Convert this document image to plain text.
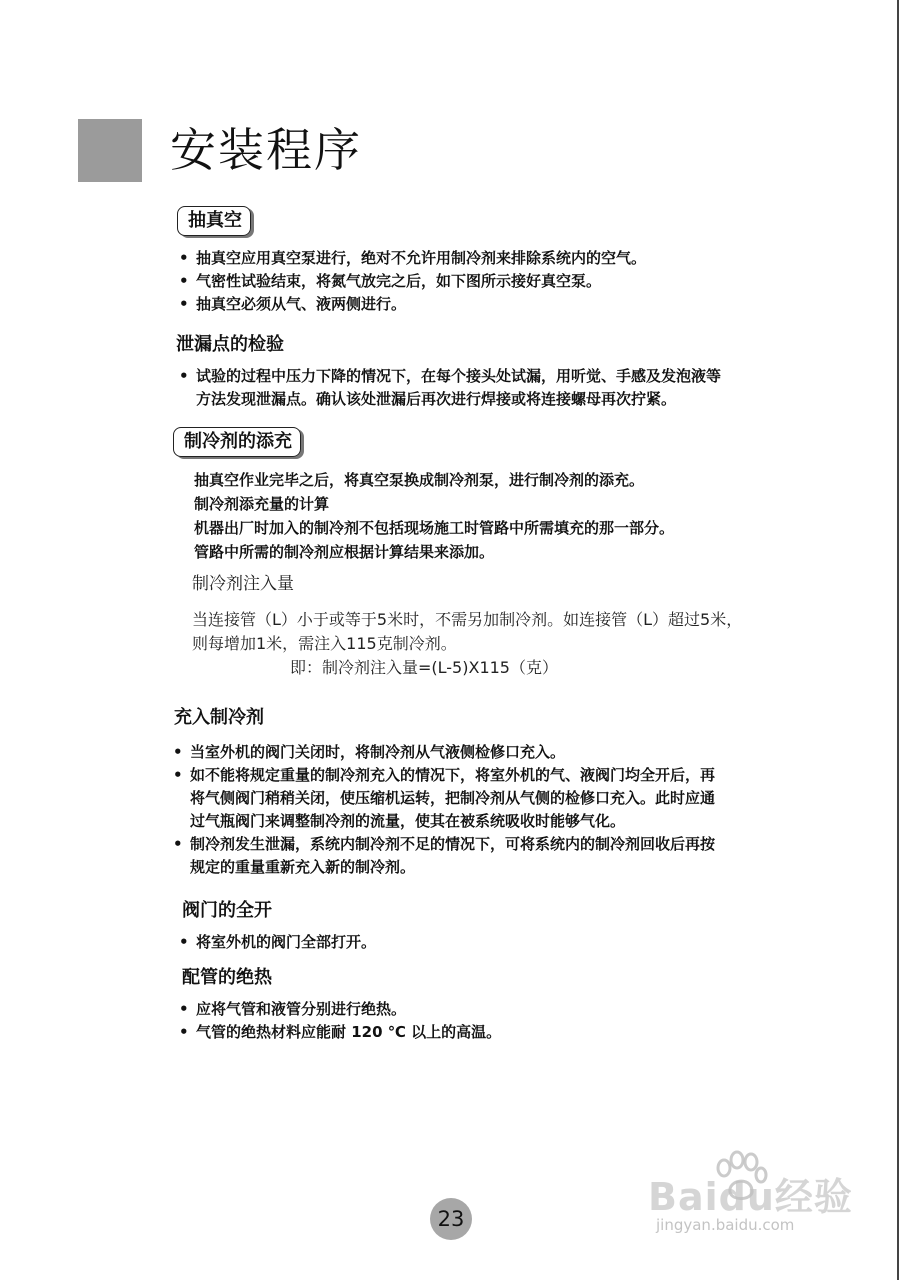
安装程序
抽真空
• 抽真空应用真空泵进行，绝对不允许用制冷剂来排除系统内的空气。
• 气密性试验结束，将氮气放完之后，如下图所示接好真空泵。
• 抽真空必须从气、液两侧进行。
泄漏点的检验
• 试验的过程中压力下降的情况下，在每个接头处试漏，用听觉、手感及发泡液等
方法发现泄漏点。确认该处泄漏后再次进行焊接或将连接螺母再次拧紧。
制冷剂的添充
抽真空作业完毕之后，将真空泵换成制冷剂泵，进行制冷剂的添充。
制冷剂添充量的计算
机器出厂时加入的制冷剂不包括现场施工时管路中所需填充的那一部分。
管路中所需的制冷剂应根据计算结果来添加。
制冷剂注入量
当连接管（L）小于或等于5米时，不需另加制冷剂。如连接管（L）超过5米，
则每增加1米，需注入115克制冷剂。
即：制冷剂注入量=(L-5)X115（克）
充入制冷剂
• 当室外机的阀门关闭时，将制冷剂从气液侧检修口充入。
• 如不能将规定重量的制冷剂充入的情况下，将室外机的气、液阀门均全开后，再
将气侧阀门稍稍关闭，使压缩机运转，把制冷剂从气侧的检修口充入。此时应通
过气瓶阀门来调整制冷剂的流量，使其在被系统吸收时能够气化。
• 制冷剂发生泄漏，系统内制冷剂不足的情况下，可将系统内的制冷剂回收后再按
规定的重量重新充入新的制冷剂。
阀门的全开
• 将室外机的阀门全部打开。
配管的绝热
• 应将气管和液管分别进行绝热。
• 气管的绝热材料应能耐 120 ℃ 以上的高温。
23	Baidu经验
jingyan.baidu.com
